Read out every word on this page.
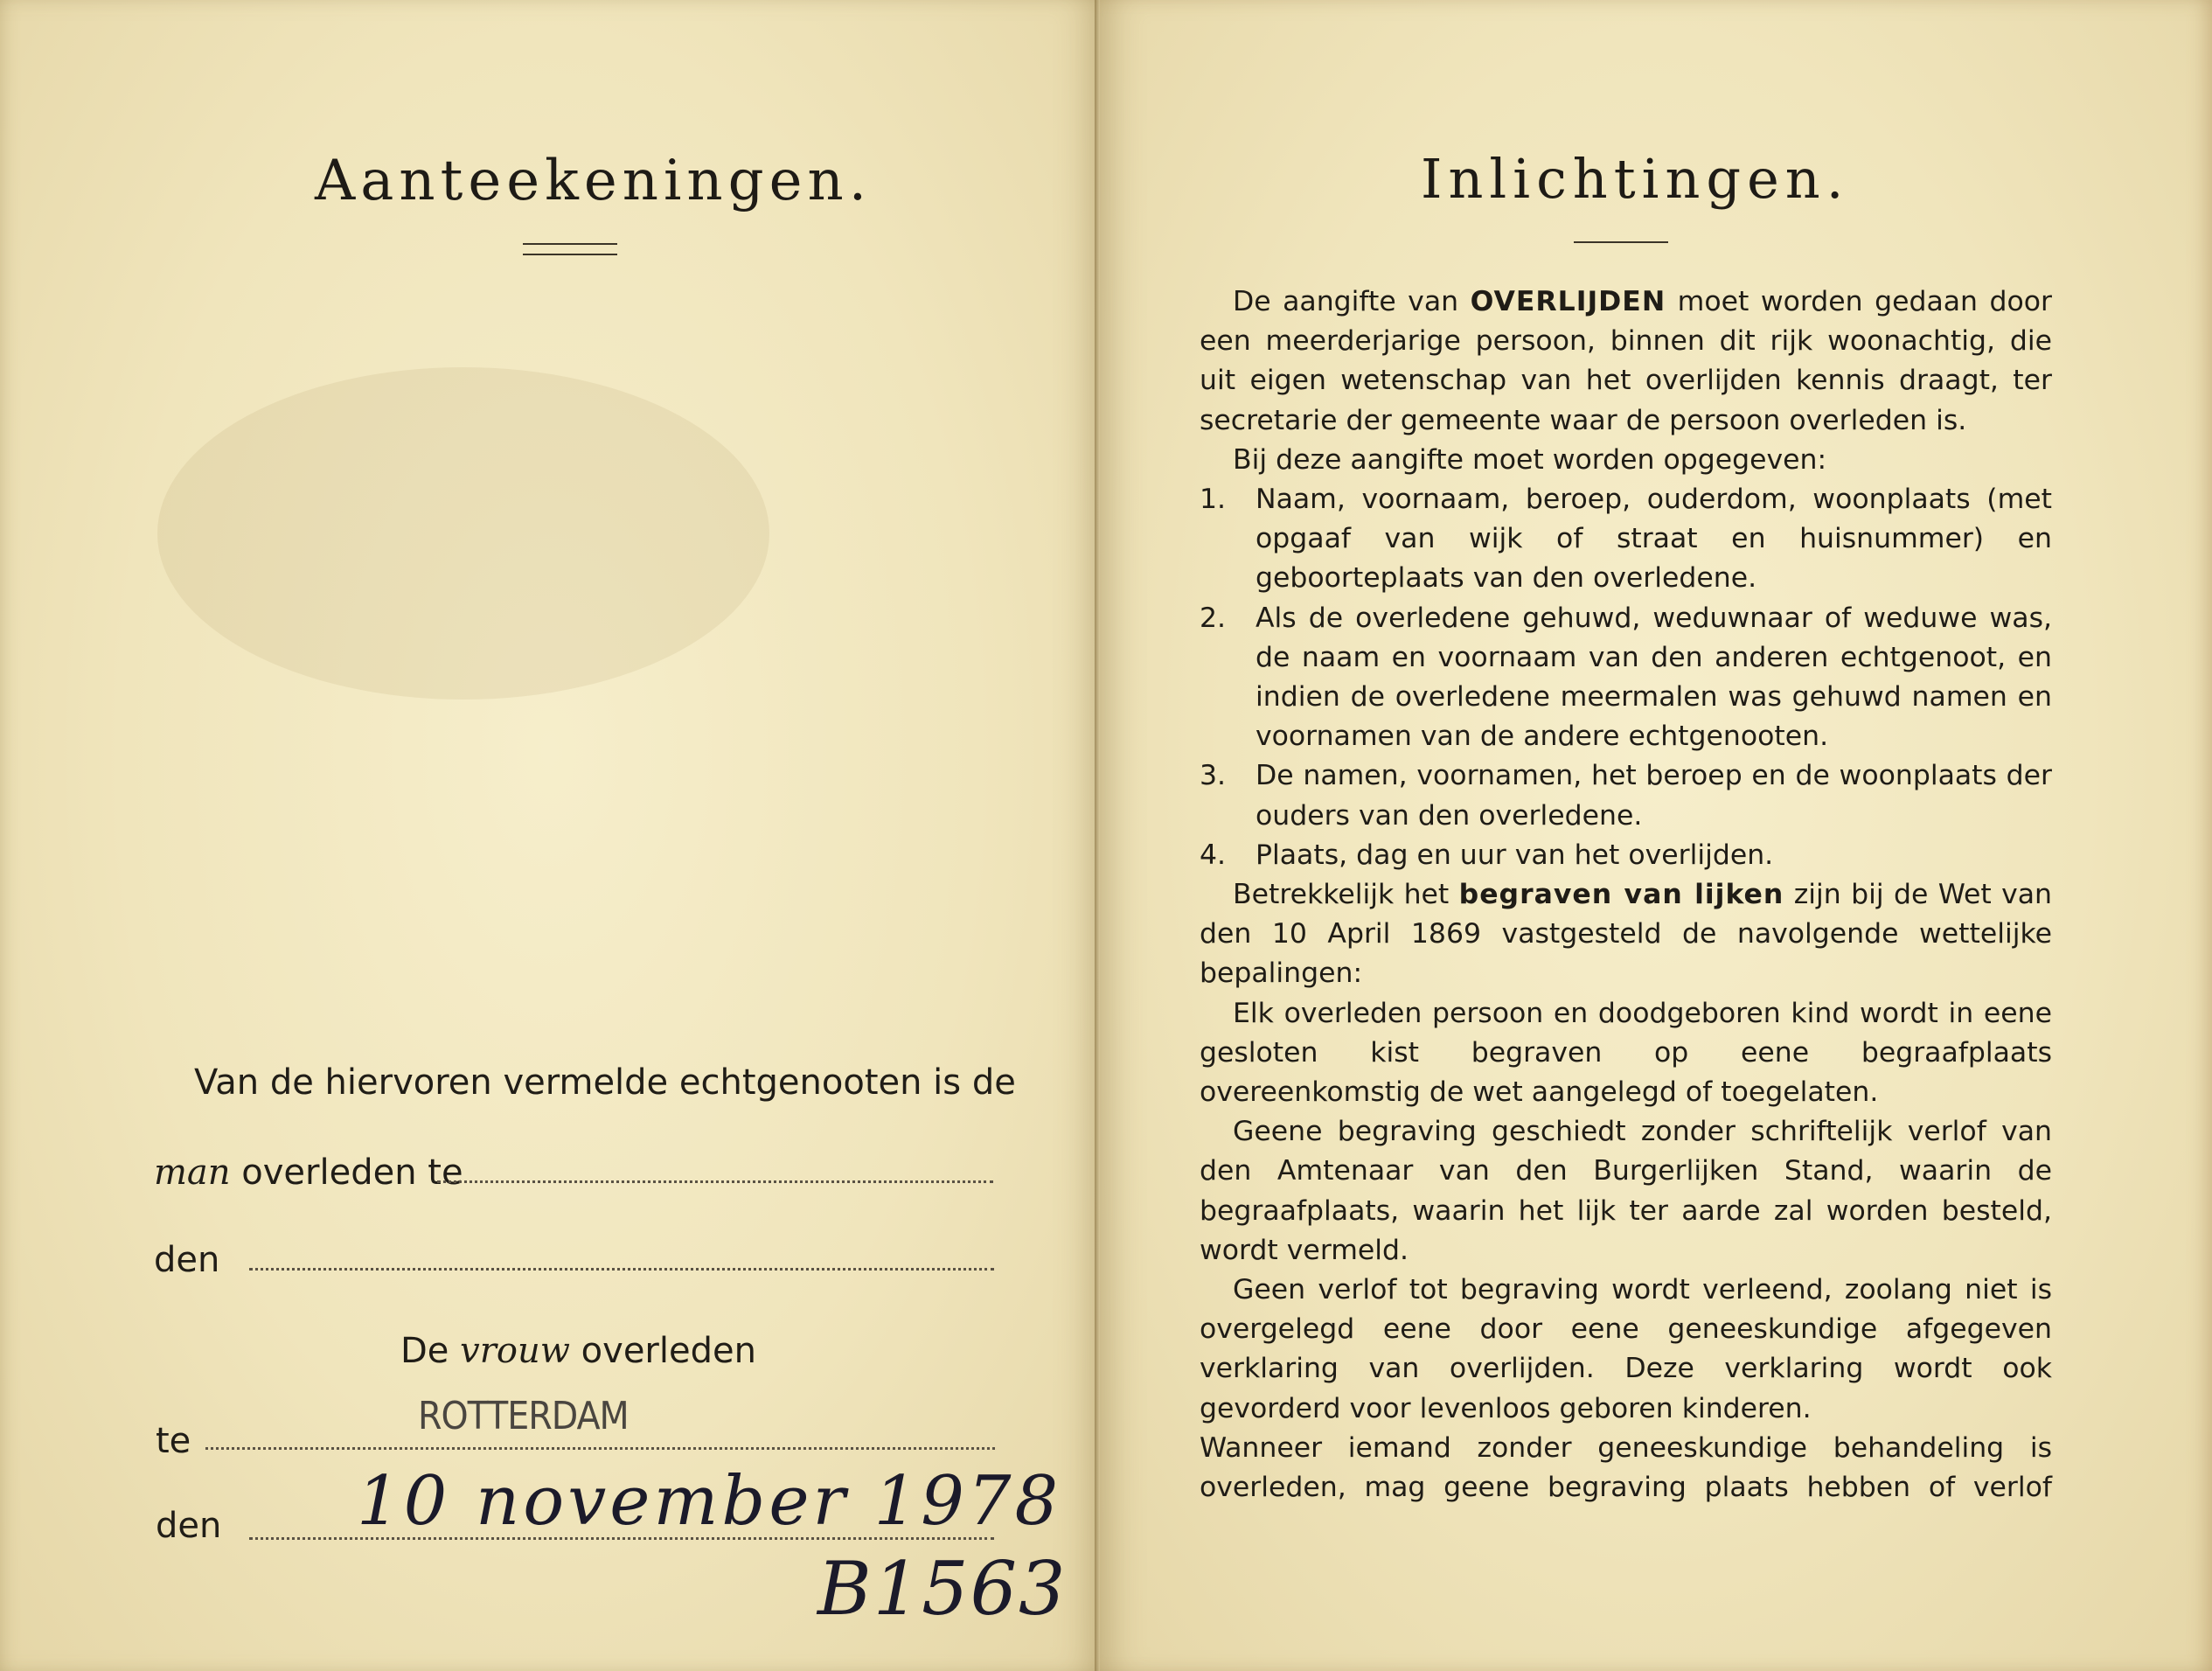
Aanteekeningen.
Van de hiervoren vermelde echtgenooten is de
man overleden te
den
De vrouw overleden
te
ROTTERDAM
den 10 november 1978
B1563
Inlichtingen.

De aangifte van OVERLIJDEN moet worden gedaan door een meerderjarige persoon, binnen dit rijk woonachtig, die uit eigen wetenschap van het overlijden kennis draagt, ter secretarie der gemeente waar de persoon overleden is.

Bij deze aangifte moet worden opgegeven:

1. Naam, voornaam, beroep, ouderdom, woonplaats (met opgaaf van wijk of straat en huisnummer) en geboorteplaats van den overledene.

2. Als de overledene gehuwd, weduwnaar of weduwe was, de naam en voornaam van den anderen echtgenoot, en indien de overledene meermalen was gehuwd namen en voornamen van de andere echtgenooten.

3. De namen, voornamen, het beroep en de woonplaats der ouders van den overledene.

4. Plaats, dag en uur van het overlijden.

Betrekkelijk het begraven van lijken zijn bij de Wet van den 10 April 1869 vastgesteld de navolgende wettelijke bepalingen:

Elk overleden persoon en doodgeboren kind wordt in eene gesloten kist begraven op eene begraafplaats overeenkomstig de wet aangelegd of toegelaten.

Geene begraving geschiedt zonder schriftelijk verlof van den Amtenaar van den Burgerlijken Stand, waarin de begraafplaats, waarin het lijk ter aarde zal worden besteld, wordt vermeld.

Geen verlof tot begraving wordt verleend, zoolang niet is overgelegd eene door eene geneeskundige afgegeven verklaring van overlijden. Deze verklaring wordt ook gevorderd voor levenloos geboren kinderen.

Wanneer iemand zonder geneeskundige behandeling is overleden, mag geene begraving plaats hebben of verlof
